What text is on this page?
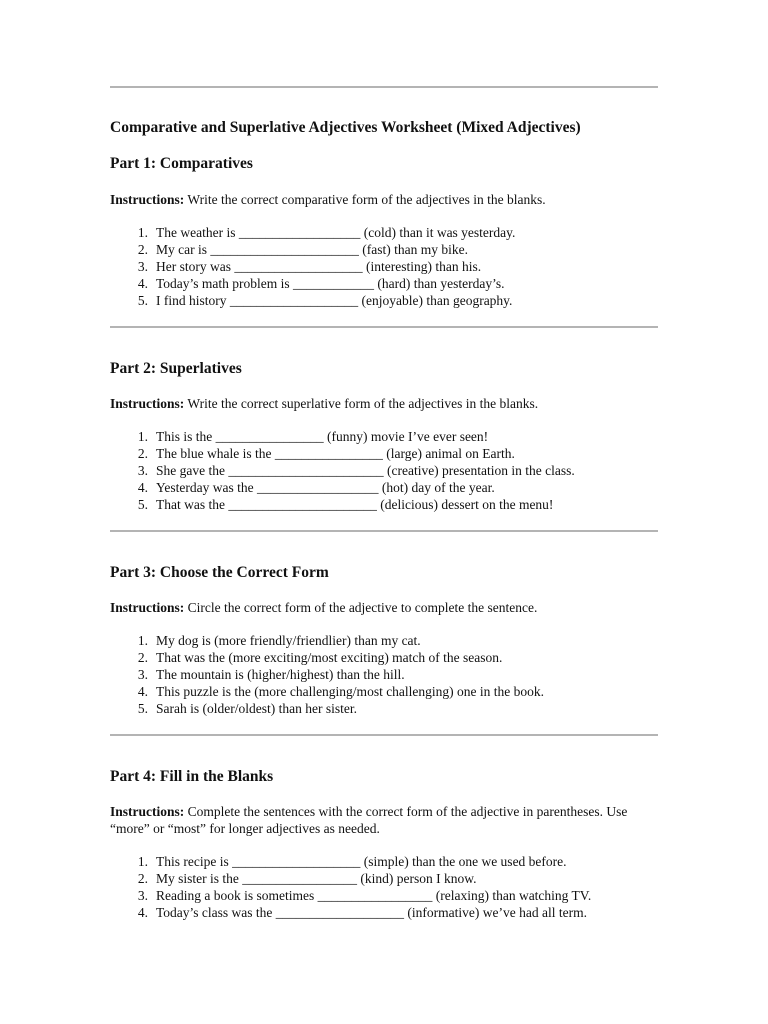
Comparative and Superlative Adjectives Worksheet (Mixed Adjectives)
Part 1: Comparatives
Instructions: Write the correct comparative form of the adjectives in the blanks.
1. The weather is __________________ (cold) than it was yesterday.
2. My car is ______________________ (fast) than my bike.
3. Her story was ___________________ (interesting) than his.
4. Today’s math problem is ____________ (hard) than yesterday’s.
5. I find history ___________________ (enjoyable) than geography.
Part 2: Superlatives
Instructions: Write the correct superlative form of the adjectives in the blanks.
1. This is the ________________ (funny) movie I’ve ever seen!
2. The blue whale is the ________________ (large) animal on Earth.
3. She gave the _______________________ (creative) presentation in the class.
4. Yesterday was the __________________ (hot) day of the year.
5. That was the ______________________ (delicious) dessert on the menu!
Part 3: Choose the Correct Form
Instructions: Circle the correct form of the adjective to complete the sentence.
1. My dog is (more friendly/friendlier) than my cat.
2. That was the (more exciting/most exciting) match of the season.
3. The mountain is (higher/highest) than the hill.
4. This puzzle is the (more challenging/most challenging) one in the book.
5. Sarah is (older/oldest) than her sister.
Part 4: Fill in the Blanks
Instructions: Complete the sentences with the correct form of the adjective in parentheses. Use “more” or “most” for longer adjectives as needed.
1. This recipe is ___________________ (simple) than the one we used before.
2. My sister is the _________________ (kind) person I know.
3. Reading a book is sometimes _________________ (relaxing) than watching TV.
4. Today’s class was the ___________________ (informative) we’ve had all term.
